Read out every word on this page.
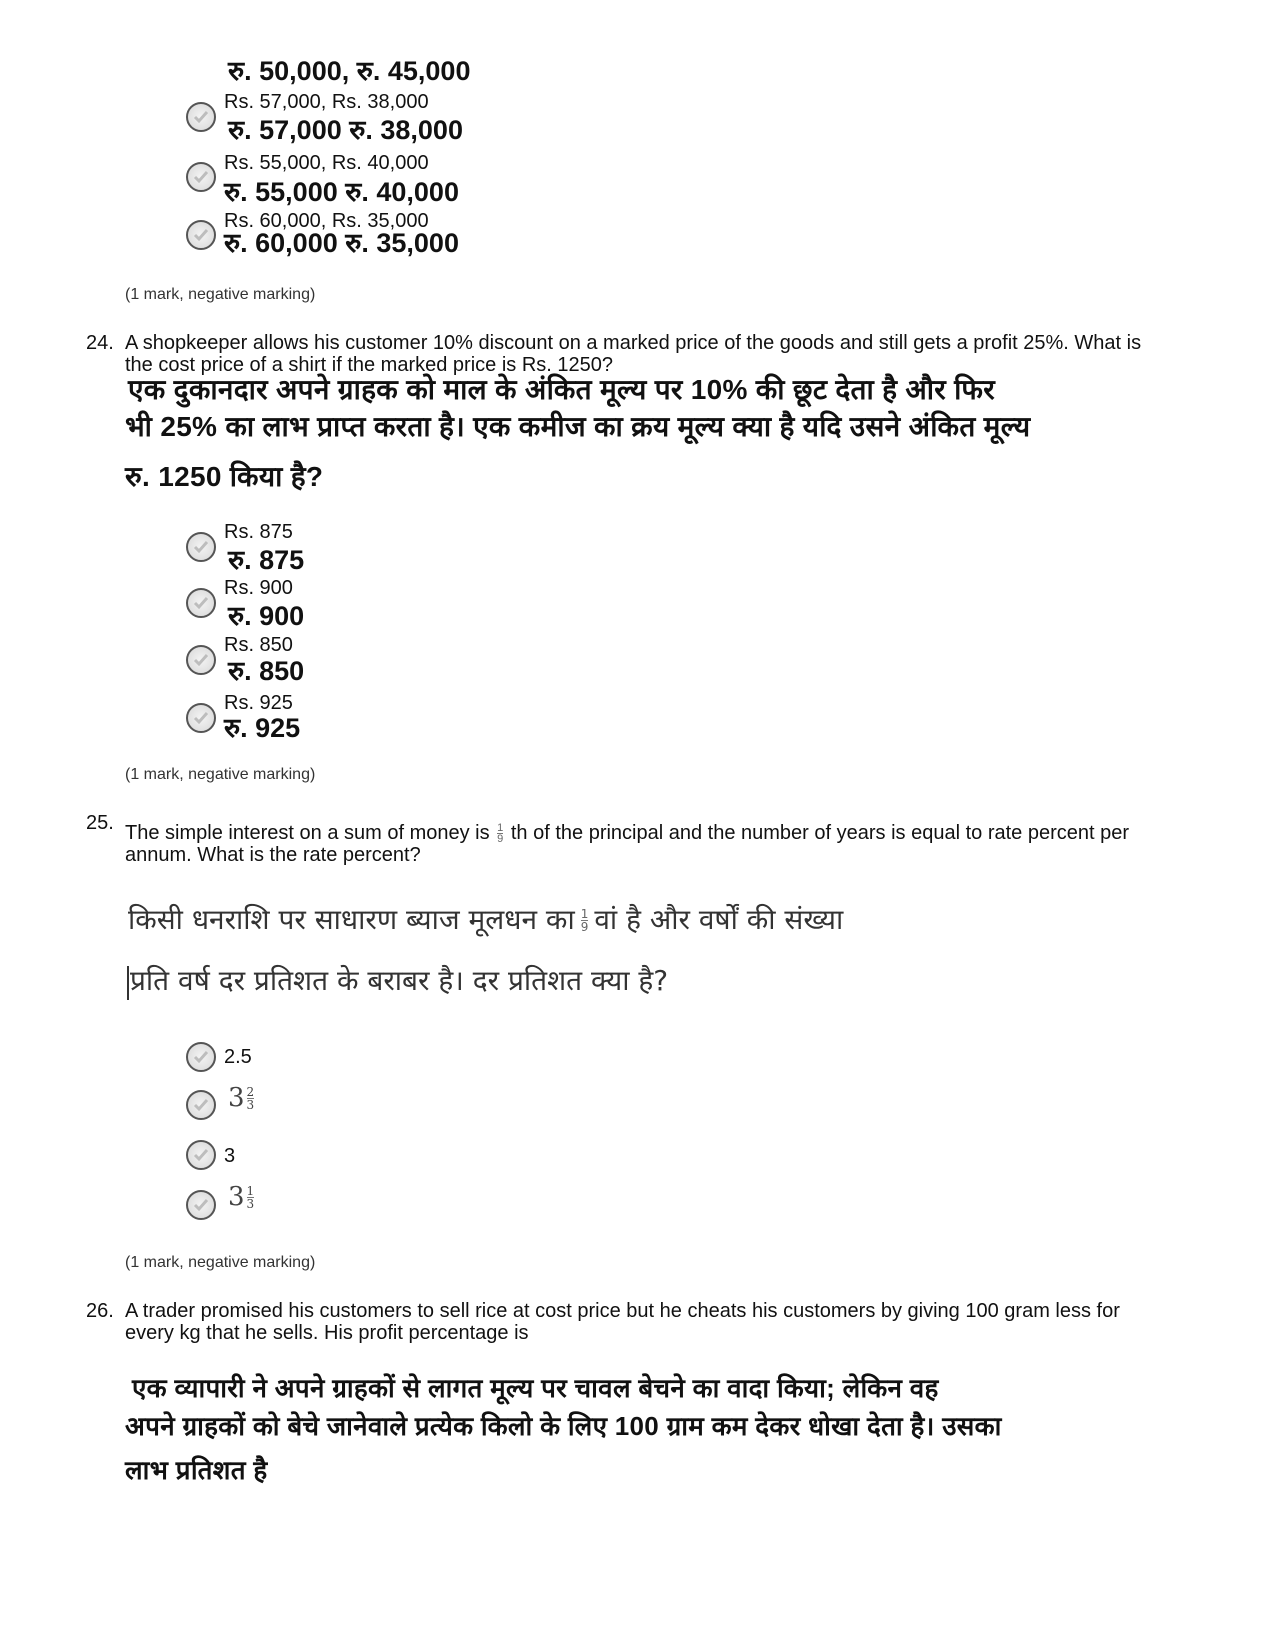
रु. 50,000, रु. 45,000
Rs. 57,000, Rs. 38,000
रु. 57,000 रु. 38,000
Rs. 55,000, Rs. 40,000
रु. 55,000 रु. 40,000
Rs. 60,000, Rs. 35,000
रु. 60,000 रु. 35,000
(1 mark, negative marking)
24. A shopkeeper allows his customer 10% discount on a marked price of the goods and still gets a profit 25%. What is the cost price of a shirt if the marked price is Rs. 1250?
एक दुकानदार अपने ग्राहक को माल के अंकित मूल्य पर 10% की छूट देता है और फिर
भी 25% का लाभ प्राप्त करता है। एक कमीज का क्रय मूल्य क्या है यदि उसने अंकित मूल्य
रु. 1250 किया है?
Rs. 875
रु. 875
Rs. 900
रु. 900
Rs. 850
रु. 850
Rs. 925
रु. 925
(1 mark, negative marking)
25. The simple interest on a sum of money is $\frac{1}{9}$ th of the principal and the number of years is equal to rate percent per annum. What is the rate percent?
किसी धनराशि पर साधारण ब्याज मूलधन का $\frac{1}{9}$ वां है और वर्षों की संख्या
प्रति वर्ष दर प्रतिशत के बराबर है। दर प्रतिशत क्या है?
2.5
$3 \frac{2}{3}$
3
$3 \frac{1}{3}$
(1 mark, negative marking)
26. A trader promised his customers to sell rice at cost price but he cheats his customers by giving 100 gram less for every kg that he sells. His profit percentage is
एक व्यापारी ने अपने ग्राहकों से लागत मूल्य पर चावल बेचने का वादा किया; लेकिन वह
अपने ग्राहकों को बेचे जानेवाले प्रत्येक किलो के लिए 100 ग्राम कम देकर धोखा देता है। उसका
लाभ प्रतिशत है
